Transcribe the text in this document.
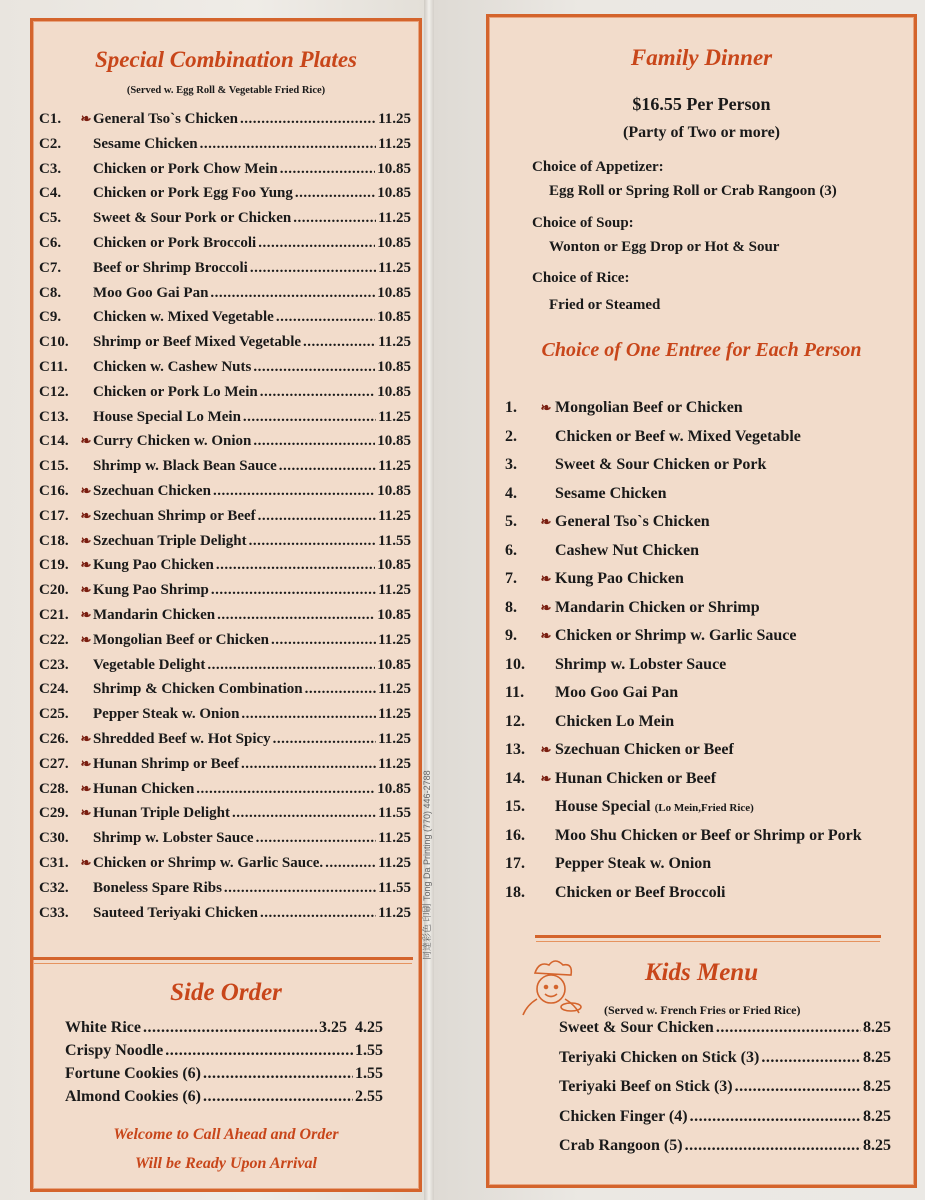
Special Combination Plates
(Served w. Egg Roll & Vegetable Fried Rice)
C1.	❧ General Tso`s Chicken .....	11.25
C2.	Sesame Chicken .....	11.25
C3.	Chicken or Pork Chow Mein .....	10.85
C4.	Chicken or Pork Egg Foo Yung .....	10.85
C5.	Sweet & Sour Pork or Chicken .....	11.25
C6.	Chicken or Pork Broccoli .....	10.85
C7.	Beef or Shrimp Broccoli .....	11.25
C8.	Moo Goo Gai Pan .....	10.85
C9.	Chicken w. Mixed Vegetable .....	10.85
C10.	Shrimp or Beef Mixed Vegetable .....	11.25
C11.	Chicken w. Cashew Nuts .....	10.85
C12.	Chicken or Pork Lo Mein .....	10.85
C13.	House Special Lo Mein .....	11.25
C14. ❧ Curry Chicken w. Onion .....	10.85
C15.	Shrimp w. Black Bean Sauce .....	11.25
C16. ❧ Szechuan Chicken .....	10.85
C17. ❧ Szechuan Shrimp or Beef .....	11.25
C18. ❧ Szechuan Triple Delight .....	11.55
C19. ❧ Kung Pao Chicken .....	10.85
C20. ❧ Kung Pao Shrimp .....	11.25
C21. ❧ Mandarin Chicken .....	10.85
C22. ❧ Mongolian Beef or Chicken .....	11.25
C23.	Vegetable Delight .....	10.85
C24.	Shrimp & Chicken Combination .....	11.25
C25.	Pepper Steak w. Onion .....	11.25
C26. ❧ Shredded Beef w. Hot Spicy .....	11.25
C27. ❧ Hunan Shrimp or Beef .....	11.25
C28. ❧ Hunan Chicken .....	10.85
C29. ❧ Hunan Triple Delight .....	11.55
C30.	Shrimp w. Lobster Sauce .....	11.25
C31. ❧ Chicken or Shrimp w. Garlic Sauce. .....	11.25
C32.	Boneless Spare Ribs .....	11.55
C33.	Sauteed Teriyaki Chicken .....	11.25
Side Order
White Rice .....	3.25  4.25
Crispy Noodle .....	1.55
Fortune Cookies (6) .....	1.55
Almond Cookies (6) .....	2.55
Welcome to Call Ahead and Order
Will be Ready Upon Arrival
同達彩色 印刷 Tong Da Printing (770) 446-2788
Family Dinner
$16.55 Per Person
(Party of Two or more)
Choice of Appetizer:
Egg Roll or Spring Roll or Crab Rangoon (3)
Choice of Soup:
Wonton or Egg Drop or Hot & Sour
Choice of Rice:
Fried or Steamed
Choice of One Entree for Each Person
1.	❧ Mongolian Beef or Chicken
2.	Chicken or Beef w. Mixed Vegetable
3.	Sweet & Sour Chicken or Pork
4.	Sesame Chicken
5.	❧ General Tso`s Chicken
6.	Cashew Nut Chicken
7.	❧ Kung Pao Chicken
8.	❧ Mandarin Chicken or Shrimp
9.	❧ Chicken or Shrimp w. Garlic Sauce
10.	Shrimp w. Lobster Sauce
11.	Moo Goo Gai Pan
12.	Chicken Lo Mein
13.	❧ Szechuan Chicken or Beef
14.	❧ Hunan Chicken or Beef
15.	House Special (Lo Mein,Fried Rice)
16.	Moo Shu Chicken or Beef or Shrimp or Pork
17.	Pepper Steak w. Onion
18.	Chicken or Beef Broccoli
Kids Menu
(Served w. French Fries or Fried Rice)
Sweet & Sour Chicken .....	8.25
Teriyaki Chicken on Stick (3) .....	8.25
Teriyaki Beef on Stick (3) .....	8.25
Chicken Finger (4) .....	8.25
Crab Rangoon (5) .....	8.25
